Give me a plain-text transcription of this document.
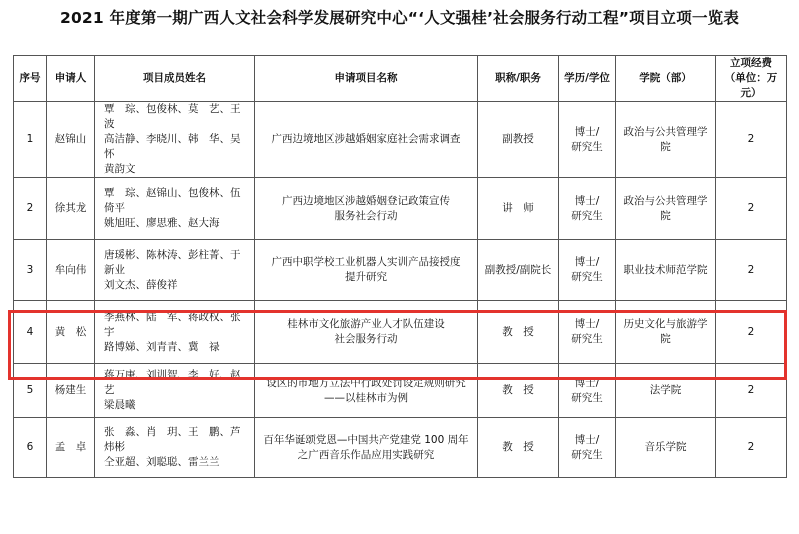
2021 年度第一期广西人文社会科学发展研究中心“‘人文强桂’社会服务行动工程”项目立项一览表
序号	申请人	项目成员姓名	申请项目名称	职称/职务	学历/学位	学院（部）	立项经费
（单位：万元）
1	赵锦山	覃　琮、包俊林、莫　艺、王　波
高洁静、李晓川、韩　华、吴　怀
黄韵文	广西边境地区涉越婚姻家庭社会需求调查	副教授	博士/
研究生	政治与公共管理学院	2
2	徐其龙	覃　琮、赵锦山、包俊林、伍倚平
姚旭旺、廖思雅、赵大海	广西边境地区涉越婚姻登记政策宣传
服务社会行动	讲　师	博士/
研究生	政治与公共管理学院	2
3	牟向伟	唐瑗彬、陈林涛、彭柱菁、于新业
刘文杰、薛俊祥	广西中职学校工业机器人实训产品接授度
提升研究	副教授/副院长	博士/
研究生	职业技术师范学院	2
4	黄　松	李燕林、陆　军、蒋政权、张　宇
路博娣、刘青青、冀　禄	桂林市文化旅游产业人才队伍建设
社会服务行动	教　授	博士/
研究生	历史文化与旅游学院	2
5	杨建生	蒋万庚、刘训智、李　好、赵　艺
梁晨曦	设区的市地方立法中行政处罚设定规则研究
——以桂林市为例	教　授	博士/
研究生	法学院	2
6	孟　卓	张　淼、肖　玥、王　鹏、芦炜彬
仝亚超、刘聪聪、雷兰兰	百年华诞颂党恩—中国共产党建党 100 周年
之广西音乐作品应用实践研究	教　授	博士/
研究生	音乐学院	2
